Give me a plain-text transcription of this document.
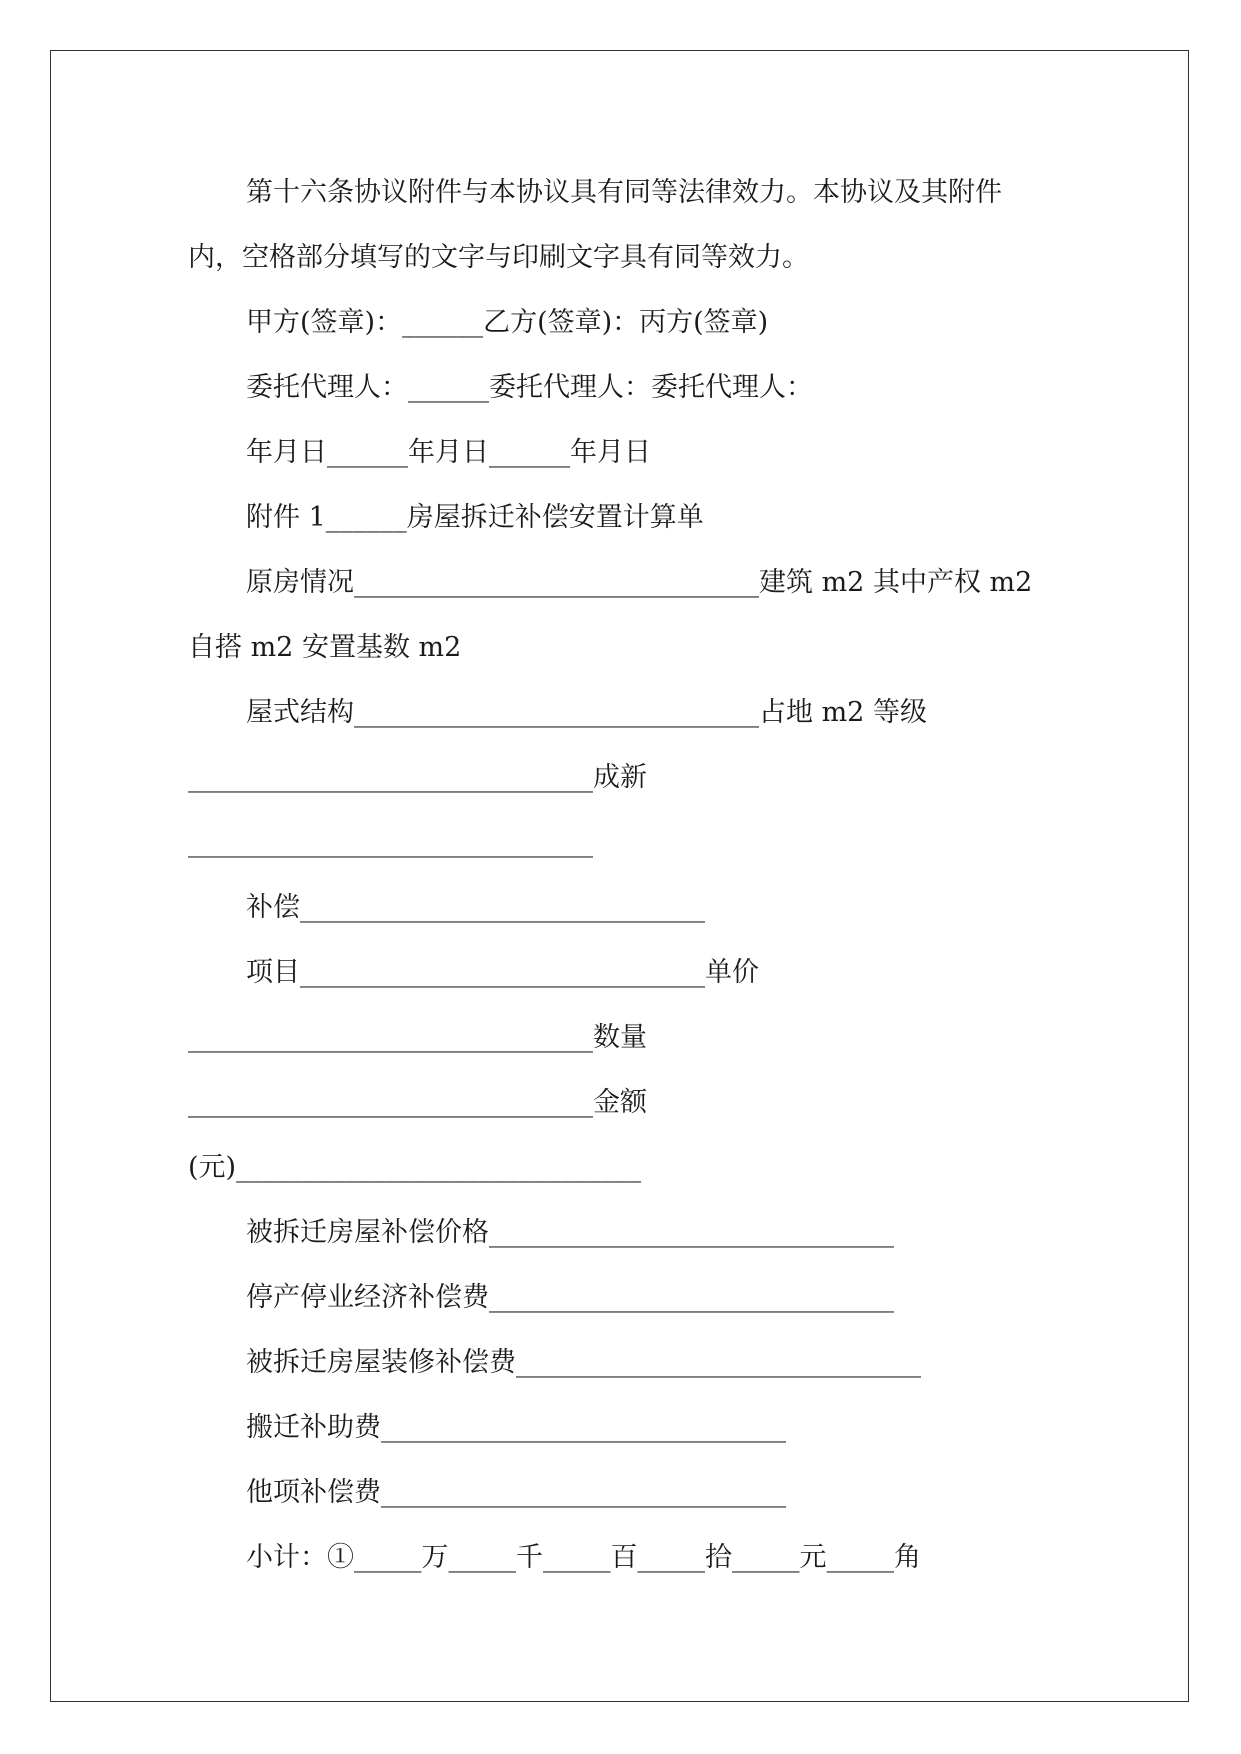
第十六条协议附件与本协议具有同等法律效力。本协议及其附件

内，空格部分填写的文字与印刷文字具有同等效力。

甲方(签章)：______乙方(签章)：丙方(签章)

委托代理人：______委托代理人：委托代理人：

年月日______年月日______年月日

附件 1______房屋拆迁补偿安置计算单

原房情况______________________________建筑 m2 其中产权 m2

自搭 m2 安置基数 m2

屋式结构______________________________占地 m2 等级

______________________________成新

______________________________

补偿______________________________

项目______________________________单价

______________________________数量

______________________________金额

(元)______________________________

被拆迁房屋补偿价格______________________________

停产停业经济补偿费______________________________

被拆迁房屋装修补偿费______________________________

搬迁补助费______________________________

他项补偿费______________________________

小计：①_____万_____千_____百_____拾_____元_____角
